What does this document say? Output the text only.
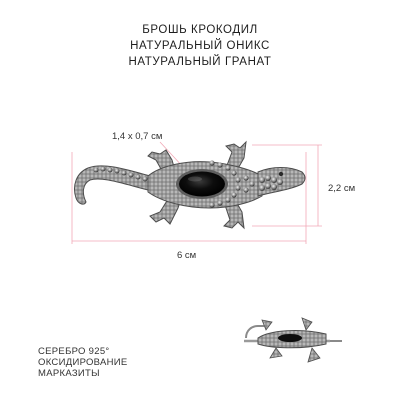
БРОШЬ КРОКОДИЛ
НАТУРАЛЬНЫЙ ОНИКС
НАТУРАЛЬНЫЙ ГРАНАТ
1,4 x 0,7 см
2,2 см
6 см
СЕРЕБРО 925°
ОКСИДИРОВАНИЕ
МАРКАЗИТЫ
